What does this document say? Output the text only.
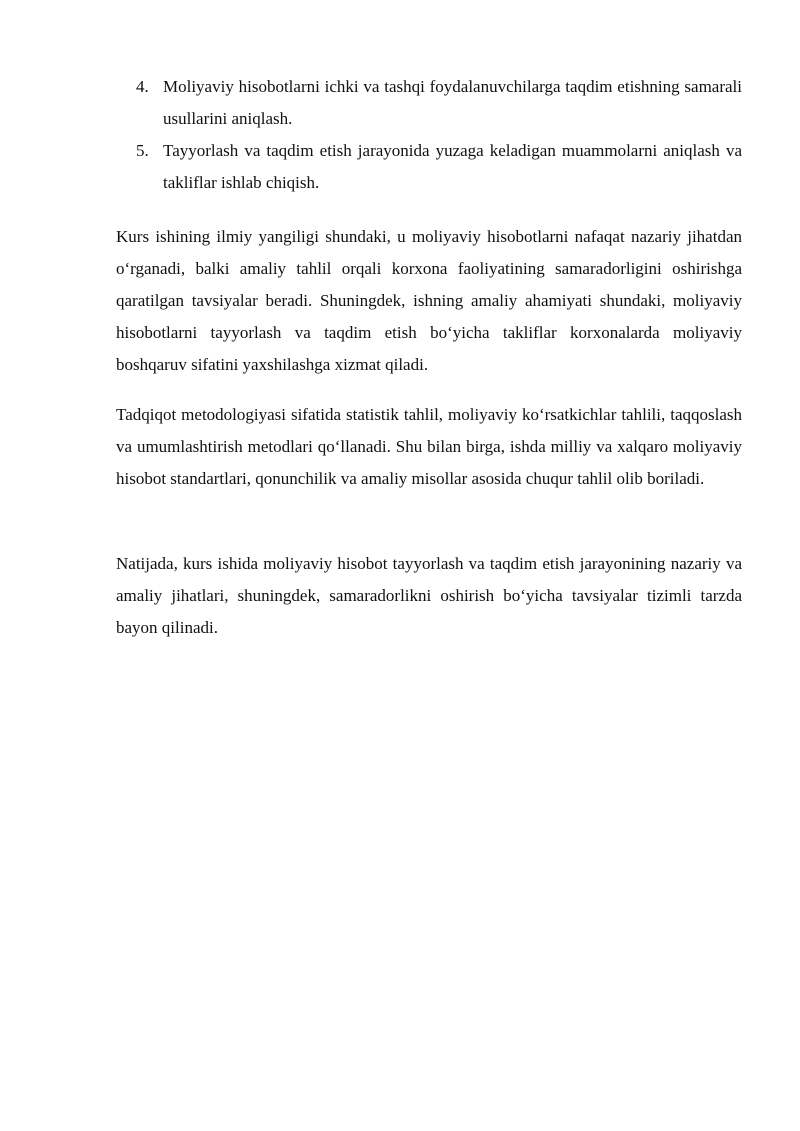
4. Moliyaviy hisobotlarni ichki va tashqi foydalanuvchilarga taqdim etishning samarali usullarini aniqlash.
5. Tayyorlash va taqdim etish jarayonida yuzaga keladigan muammolarni aniqlash va takliflar ishlab chiqish.

Kurs ishining ilmiy yangiligi shundaki, u moliyaviy hisobotlarni nafaqat nazariy jihatdan o‘rganadi, balki amaliy tahlil orqali korxona faoliyatining samaradorligini oshirishga qaratilgan tavsiyalar beradi. Shuningdek, ishning amaliy ahamiyati shundaki, moliyaviy hisobotlarni tayyorlash va taqdim etish bo‘yicha takliflar korxonalarda moliyaviy boshqaruv sifatini yaxshilashga xizmat qiladi.

Tadqiqot metodologiyasi sifatida statistik tahlil, moliyaviy ko‘rsatkichlar tahlili, taqqoslash va umumlashtirish metodlari qo‘llanadi. Shu bilan birga, ishda milliy va xalqaro moliyaviy hisobot standartlari, qonunchilik va amaliy misollar asosida chuqur tahlil olib boriladi.

Natijada, kurs ishida moliyaviy hisobot tayyorlash va taqdim etish jarayonining nazariy va amaliy jihatlari, shuningdek, samaradorlikni oshirish bo‘yicha tavsiyalar tizimli tarzda bayon qilinadi.
